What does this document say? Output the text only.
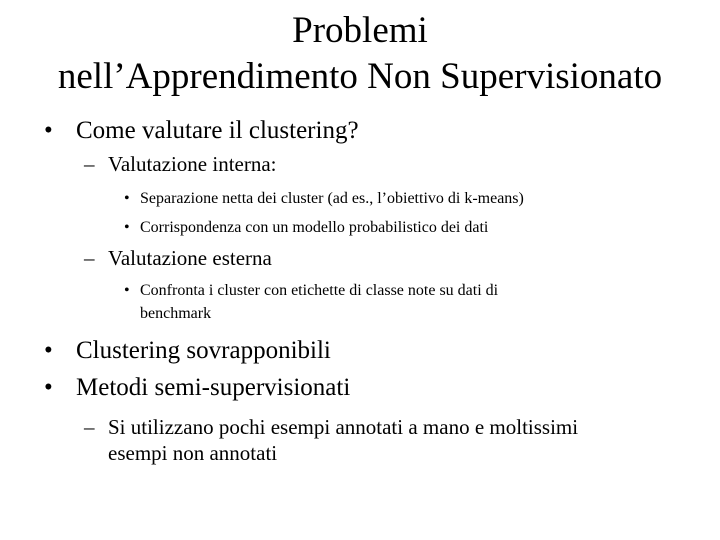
Problemi
nell’Apprendimento Non Supervisionato
• Come valutare il clustering?
– Valutazione interna:
• Separazione netta dei cluster (ad es., l’obiettivo di k-means)
• Corrispondenza con un modello probabilistico dei dati
– Valutazione esterna
• Confronta i cluster con etichette di classe note su dati di
benchmark
• Clustering sovrapponibili
• Metodi semi-supervisionati
– Si utilizzano pochi esempi annotati a mano e moltissimi
esempi non annotati
